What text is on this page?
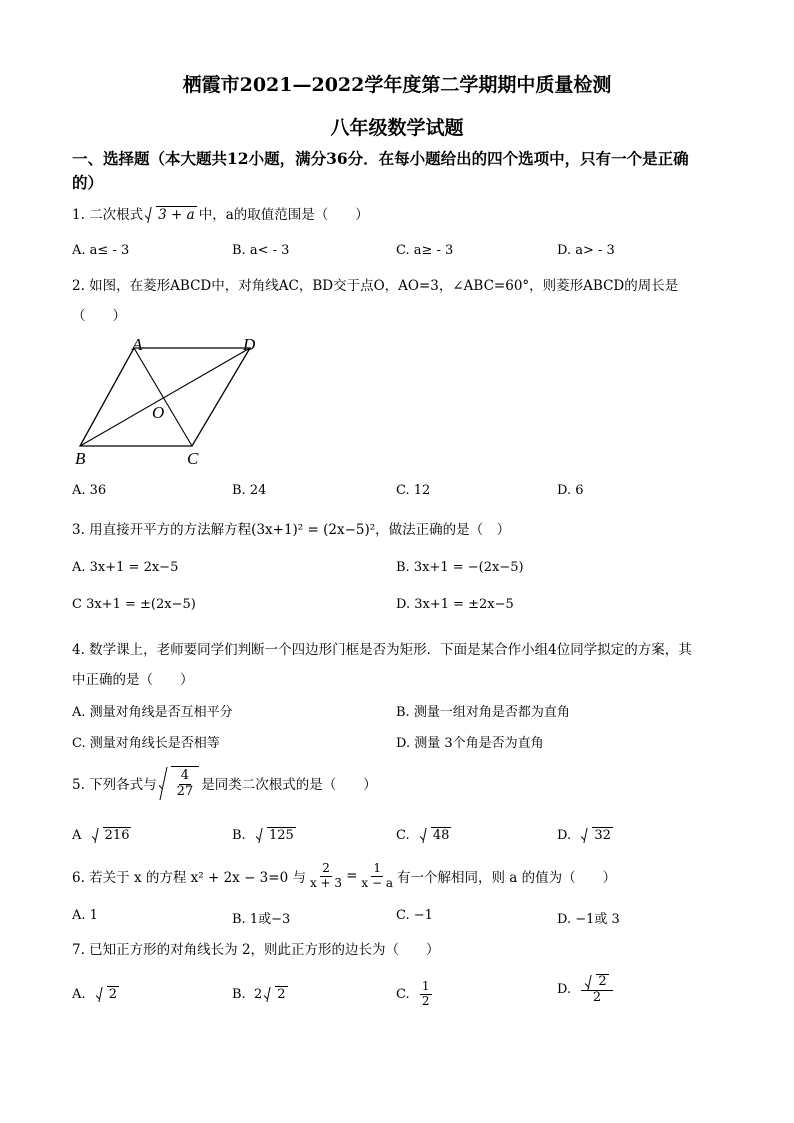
栖霞市2021—2022学年度第二学期期中质量检测
八年级数学试题
一、选择题（本大题共12小题，满分36分．在每小题给出的四个选项中，只有一个是正确
的）
1. 二次根式 3 + a 中，a的取值范围是（　　）
A. a≤ - 3	B. a< - 3	C. a≥ - 3	D. a> - 3
2. 如图，在菱形ABCD中，对角线AC，BD交于点O，AO=3，∠ABC=60°，则菱形ABCD的周长是
（　　）
A	D
O
B	C
A. 36	B. 24	C. 12	D. 6
3. 用直接开平方的方法解方程(3x+1)² = (2x−5)²，做法正确的是（　）
A. 3x+1 = 2x−5	B. 3x+1 = −(2x−5)
C 3x+1 = ±(2x−5)	D. 3x+1 = ±2x−5
4. 数学课上，老师要同学们判断一个四边形门框是否为矩形．下面是某合作小组4位同学拟定的方案，其
中正确的是（　　）
A. 测量对角线是否互相平分	B. 测量一组对角是否都为直角
C. 测量对角线长是否相等	D. 测量 3个角是否为直角
5. 下列各式与 $\frac{4}{27}$ 是同类二次根式的是（　　）
A 216	B. 125	C. 48	D. 32
6. 若关于 x 的方程 x² + 2x − 3=0 与 $\frac{2}{x + 3} = \frac{1}{x - a}$ 有一个解相同，则 a 的值为（　　）
A. 1	B. 1或−3	C. −1	D. −1或 3
7. 已知正方形的对角线长为 2，则此正方形的边长为（　　）
A. 2	B. 2 2	C.
$\frac{1}{2}$	D.
$\frac{2}{2}$
